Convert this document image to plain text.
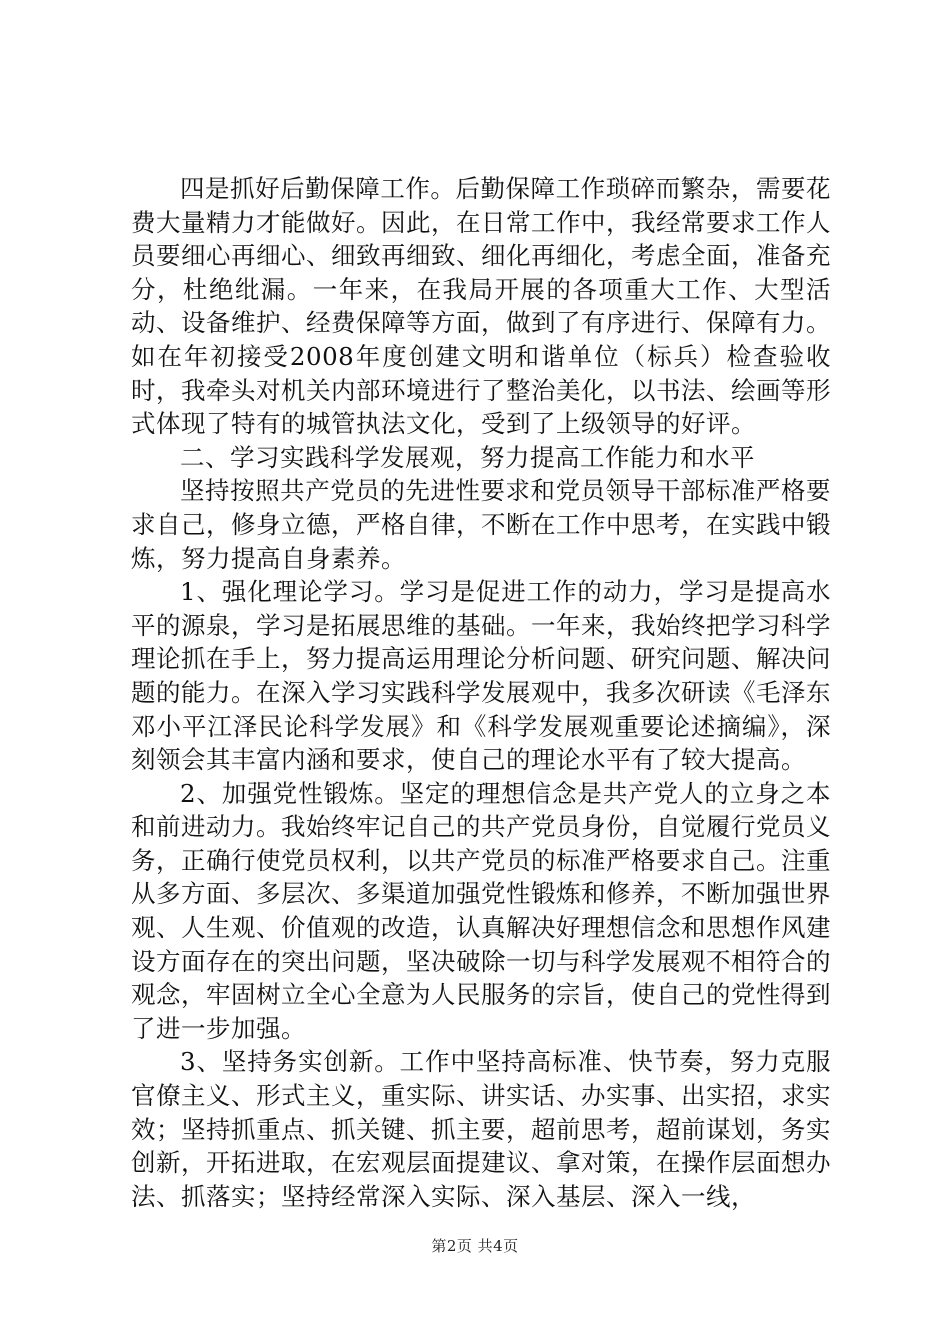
四是抓好后勤保障工作。后勤保障工作琐碎而繁杂，需要花费大量精力才能做好。因此，在日常工作中，我经常要求工作人员要细心再细心、细致再细致、细化再细化，考虑全面，准备充分，杜绝纰漏。一年来，在我局开展的各项重大工作、大型活动、设备维护、经费保障等方面，做到了有序进行、保障有力。如在年初接受2008年度创建文明和谐单位（标兵）检查验收时，我牵头对机关内部环境进行了整治美化，以书法、绘画等形式体现了特有的城管执法文化，受到了上级领导的好评。

二、学习实践科学发展观，努力提高工作能力和水平

坚持按照共产党员的先进性要求和党员领导干部标准严格要求自己，修身立德，严格自律，不断在工作中思考，在实践中锻炼，努力提高自身素养。

1、强化理论学习。学习是促进工作的动力，学习是提高水平的源泉，学习是拓展思维的基础。一年来，我始终把学习科学理论抓在手上，努力提高运用理论分析问题、研究问题、解决问题的能力。在深入学习实践科学发展观中，我多次研读《毛泽东邓小平江泽民论科学发展》和《科学发展观重要论述摘编》，深刻领会其丰富内涵和要求，使自己的理论水平有了较大提高。

2、加强党性锻炼。坚定的理想信念是共产党人的立身之本和前进动力。我始终牢记自己的共产党员身份，自觉履行党员义务，正确行使党员权利，以共产党员的标准严格要求自己。注重从多方面、多层次、多渠道加强党性锻炼和修养，不断加强世界观、人生观、价值观的改造，认真解决好理想信念和思想作风建设方面存在的突出问题，坚决破除一切与科学发展观不相符合的观念，牢固树立全心全意为人民服务的宗旨，使自己的党性得到了进一步加强。

3、坚持务实创新。工作中坚持高标准、快节奏，努力克服官僚主义、形式主义，重实际、讲实话、办实事、出实招，求实效；坚持抓重点、抓关键、抓主要，超前思考，超前谋划，务实创新，开拓进取，在宏观层面提建议、拿对策，在操作层面想办法、抓落实；坚持经常深入实际、深入基层、深入一线，

第2页 共4页
